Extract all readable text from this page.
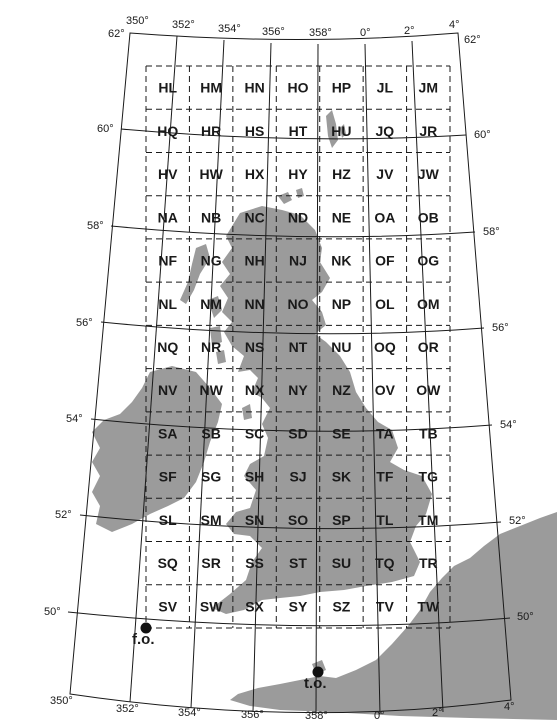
HL HM HN HO HP JL JM
HQ HR HS HT HU JQ JR
HV HW HX HY HZ JV JW
NA NB NC ND NE OA OB
NF NG NH NJ NK OF OG
NL NM NN NO NP OL OM
NQ NR NS NT NU OQ OR
NV NW NX NY NZ OV OW
SA SB SC SD SE TA TB
SF SG SH SJ SK TF TG
SL SM SN SO SP TL TM
SQ SR SS ST SU TQ TR
SV SW SX SY SZ TV TW
350° 352° 354° 356° 358°	0°	2°	4°
62°
60°
58°
56°
54°
52°
50°
62°
60°
58°
56°
54°
52°
50°
350°
352°	354°	356°	358°	0°	2°	4°
f.o.
t.o.
